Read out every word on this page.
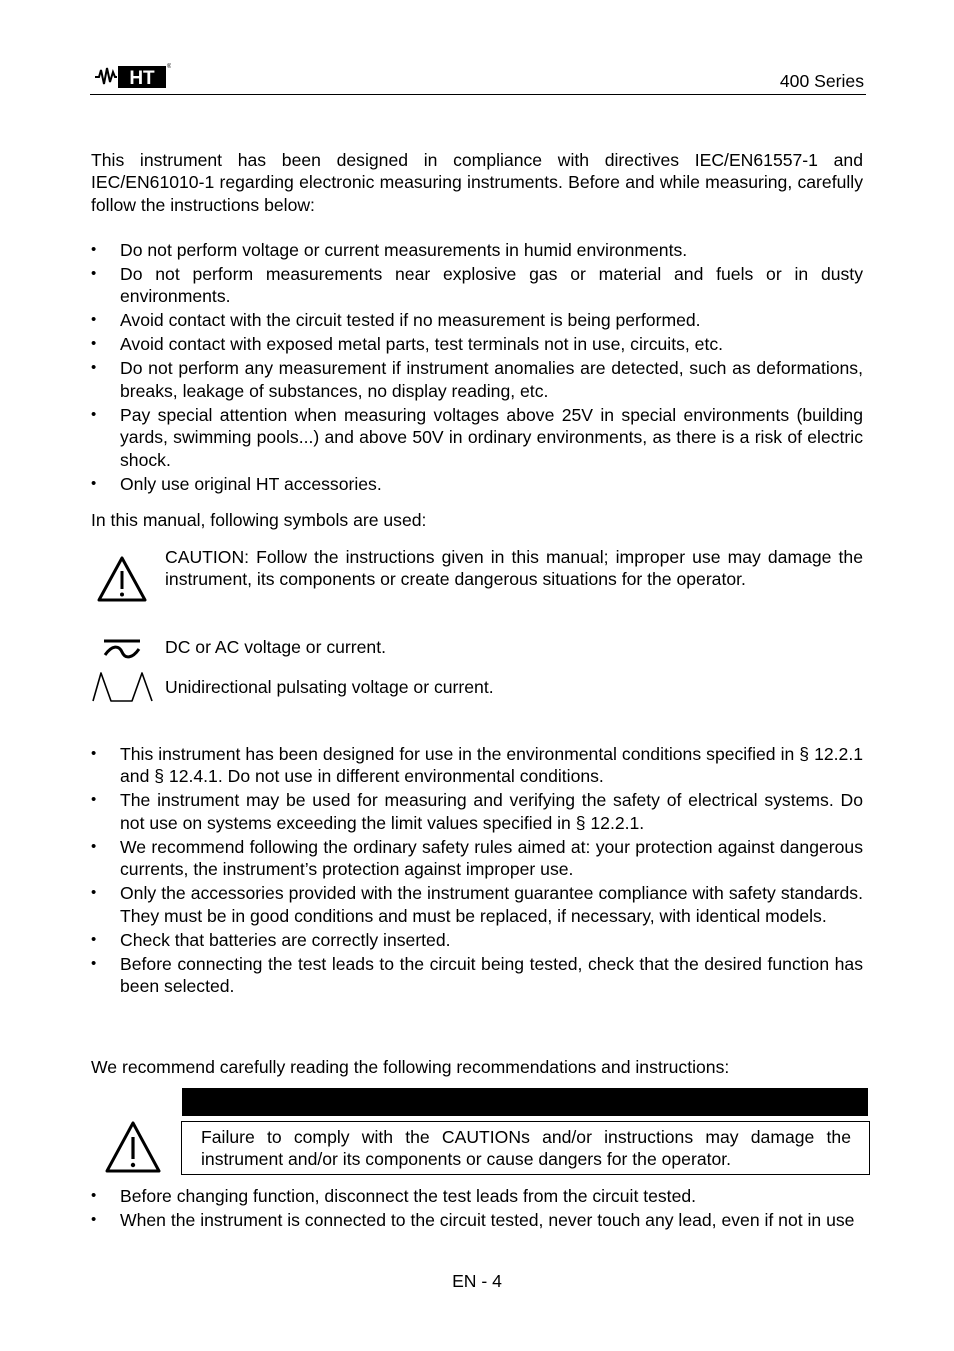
HT
®
400 Series
This instrument has been designed in compliance with directives IEC/EN61557-1 and IEC/EN61010-1 regarding electronic measuring instruments. Before and while measuring, carefully follow the instructions below:
• Do not perform voltage or current measurements in humid environments.
• Do not perform measurements near explosive gas or material and fuels or in dusty environments.
• Avoid contact with the circuit tested if no measurement is being performed.
• Avoid contact with exposed metal parts, test terminals not in use, circuits, etc.
• Do not perform any measurement if instrument anomalies are detected, such as deformations, breaks, leakage of substances, no display reading, etc.
• Pay special attention when measuring voltages above 25V in special environments (building yards, swimming pools...) and above 50V in ordinary environments, as there is a risk of electric shock.
• Only use original HT accessories.
In this manual, following symbols are used:
CAUTION: Follow the instructions given in this manual; improper use may damage the instrument, its components or create dangerous situations for the operator.
DC or AC voltage or current.
Unidirectional pulsating voltage or current.
• This instrument has been designed for use in the environmental conditions specified in § 12.2.1 and § 12.4.1. Do not use in different environmental conditions.
• The instrument may be used for measuring and verifying the safety of electrical systems. Do not use on systems exceeding the limit values specified in § 12.2.1.
• We recommend following the ordinary safety rules aimed at: your protection against dangerous currents, the instrument’s protection against improper use.
• Only the accessories provided with the instrument guarantee compliance with safety standards. They must be in good conditions and must be replaced, if necessary, with identical models.
• Check that batteries are correctly inserted.
• Before connecting the test leads to the circuit being tested, check that the desired function has been selected.
We recommend carefully reading the following recommendations and instructions:
Failure to comply with the CAUTIONs and/or instructions may damage the instrument and/or its components or cause dangers for the operator.
• Before changing function, disconnect the test leads from the circuit tested.
• When the instrument is connected to the circuit tested, never touch any lead, even if not in use
EN - 4
